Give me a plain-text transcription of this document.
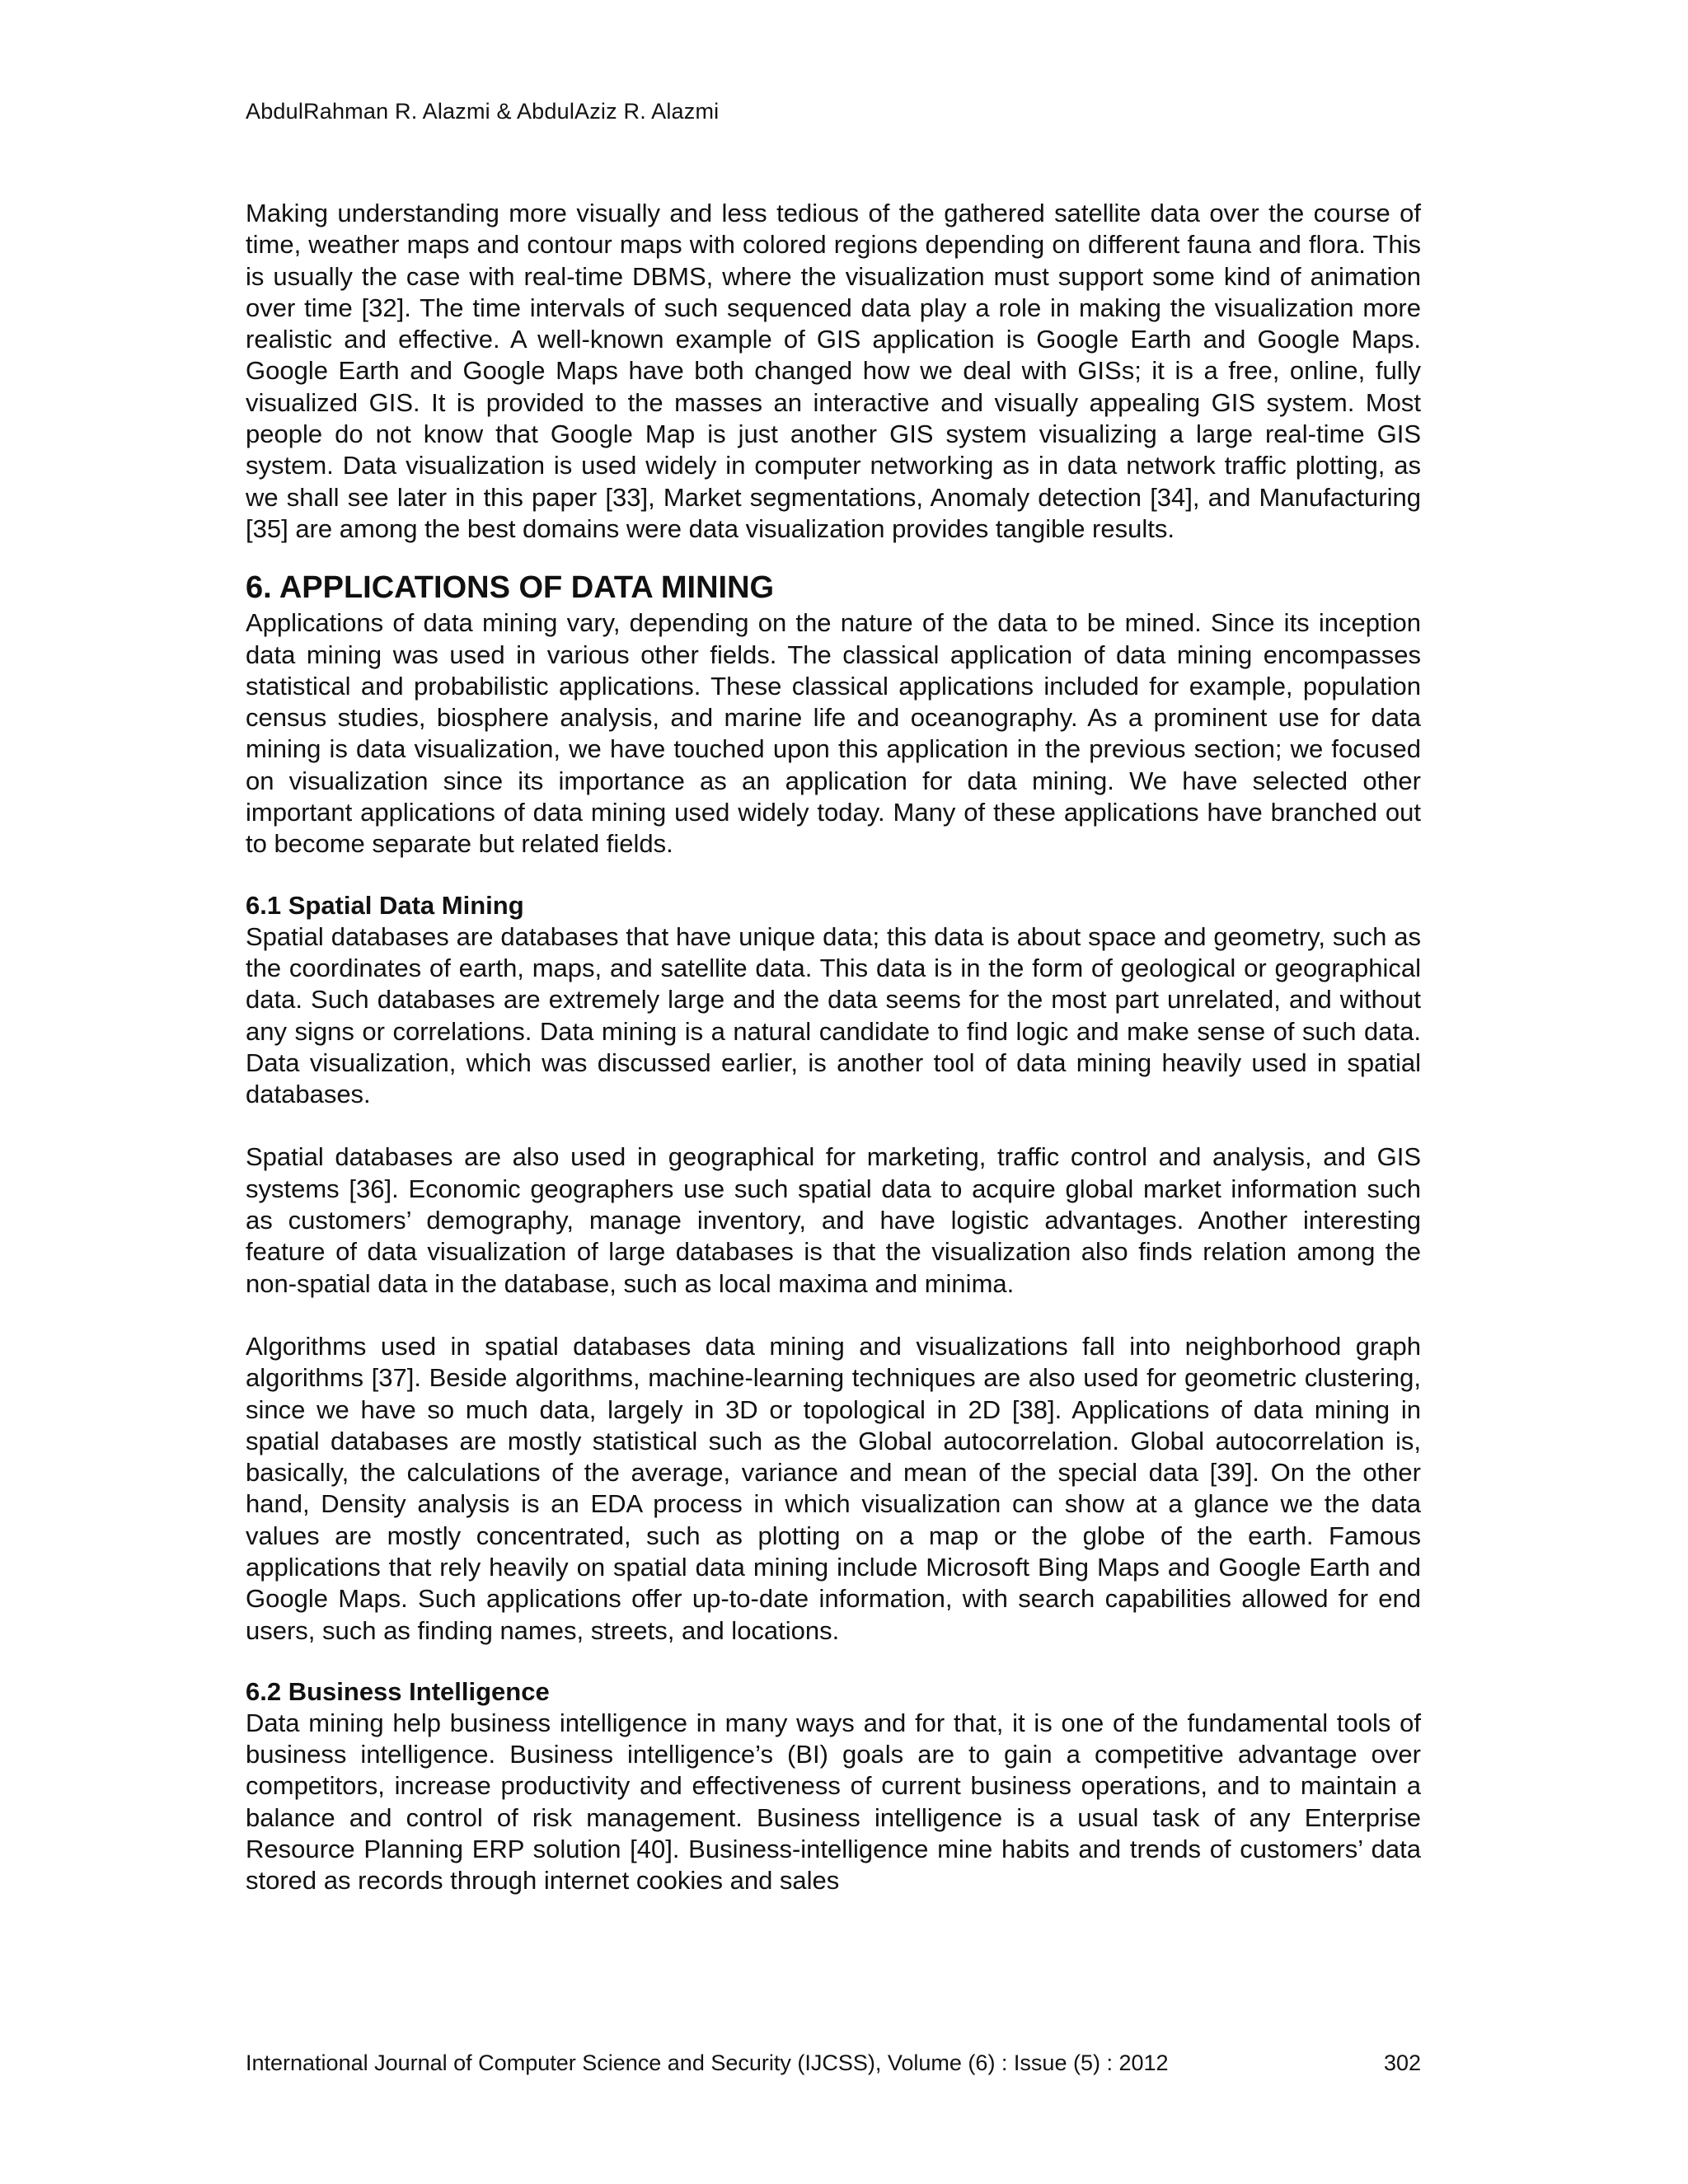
AbdulRahman R. Alazmi & AbdulAziz R. Alazmi

Making understanding more visually and less tedious of the gathered satellite data over the course of time, weather maps and contour maps with colored regions depending on different fauna and flora. This is usually the case with real-time DBMS, where the visualization must support some kind of animation over time [32]. The time intervals of such sequenced data play a role in making the visualization more realistic and effective. A well-known example of GIS application is Google Earth and Google Maps. Google Earth and Google Maps have both changed how we deal with GISs; it is a free, online, fully visualized GIS. It is provided to the masses an interactive and visually appealing GIS system. Most people do not know that Google Map is just another GIS system visualizing a large real-time GIS system. Data visualization is used widely in computer networking as in data network traffic plotting, as we shall see later in this paper [33], Market segmentations, Anomaly detection [34], and Manufacturing [35] are among the best domains were data visualization provides tangible results.

6. APPLICATIONS OF DATA MINING

Applications of data mining vary, depending on the nature of the data to be mined. Since its inception data mining was used in various other fields. The classical application of data mining encompasses statistical and probabilistic applications. These classical applications included for example, population census studies, biosphere analysis, and marine life and oceanography. As a prominent use for data mining is data visualization, we have touched upon this application in the previous section; we focused on visualization since its importance as an application for data mining. We have selected other important applications of data mining used widely today. Many of these applications have branched out to become separate but related fields.

6.1 Spatial Data Mining

Spatial databases are databases that have unique data; this data is about space and geometry, such as the coordinates of earth, maps, and satellite data. This data is in the form of geological or geographical data. Such databases are extremely large and the data seems for the most part unrelated, and without any signs or correlations. Data mining is a natural candidate to find logic and make sense of such data. Data visualization, which was discussed earlier, is another tool of data mining heavily used in spatial databases.

Spatial databases are also used in geographical for marketing, traffic control and analysis, and GIS systems [36]. Economic geographers use such spatial data to acquire global market information such as customers’ demography, manage inventory, and have logistic advantages. Another interesting feature of data visualization of large databases is that the visualization also finds relation among the non-spatial data in the database, such as local maxima and minima.

Algorithms used in spatial databases data mining and visualizations fall into neighborhood graph algorithms [37]. Beside algorithms, machine-learning techniques are also used for geometric clustering, since we have so much data, largely in 3D or topological in 2D [38]. Applications of data mining in spatial databases are mostly statistical such as the Global autocorrelation. Global autocorrelation is, basically, the calculations of the average, variance and mean of the special data [39]. On the other hand, Density analysis is an EDA process in which visualization can show at a glance we the data values are mostly concentrated, such as plotting on a map or the globe of the earth. Famous applications that rely heavily on spatial data mining include Microsoft Bing Maps and Google Earth and Google Maps. Such applications offer up-to-date information, with search capabilities allowed for end users, such as finding names, streets, and locations.

6.2 Business Intelligence

Data mining help business intelligence in many ways and for that, it is one of the fundamental tools of business intelligence. Business intelligence’s (BI) goals are to gain a competitive advantage over competitors, increase productivity and effectiveness of current business operations, and to maintain a balance and control of risk management. Business intelligence is a usual task of any Enterprise Resource Planning ERP solution [40]. Business-intelligence mine habits and trends of customers’ data stored as records through internet cookies and sales

International Journal of Computer Science and Security (IJCSS), Volume (6) : Issue (5) : 2012	302
